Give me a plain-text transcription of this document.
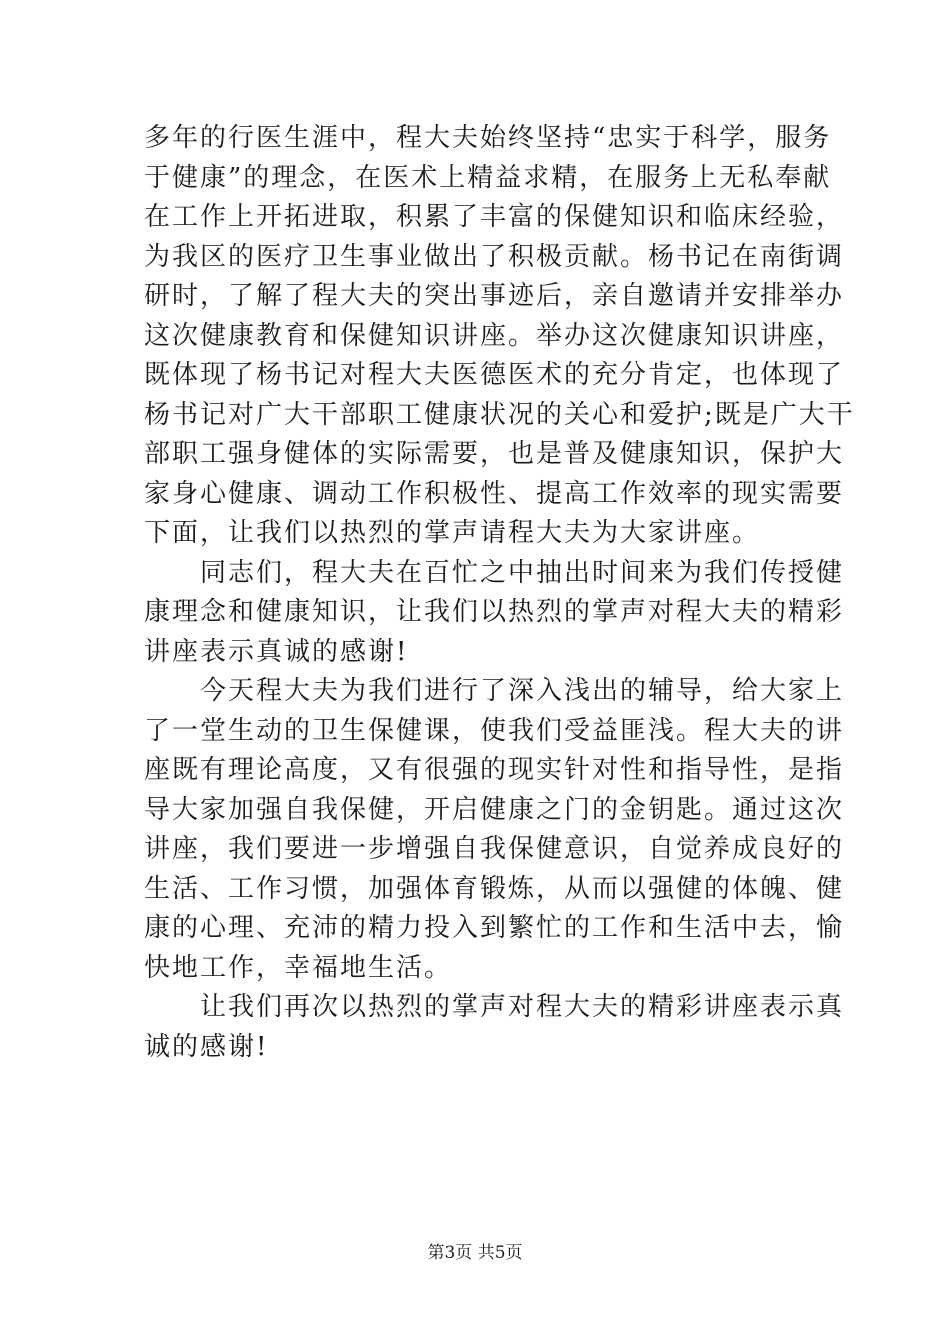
多年的行医生涯中，程大夫始终坚持“忠实于科学，服务
于健康”的理念，在医术上精益求精，在服务上无私奉献
在工作上开拓进取，积累了丰富的保健知识和临床经验，
为我区的医疗卫生事业做出了积极贡献。杨书记在南街调
研时，了解了程大夫的突出事迹后，亲自邀请并安排举办
这次健康教育和保健知识讲座。举办这次健康知识讲座，
既体现了杨书记对程大夫医德医术的充分肯定，也体现了
杨书记对广大干部职工健康状况的关心和爱护;既是广大干
部职工强身健体的实际需要，也是普及健康知识，保护大
家身心健康、调动工作积极性、提高工作效率的现实需要
下面，让我们以热烈的掌声请程大夫为大家讲座。
同志们，程大夫在百忙之中抽出时间来为我们传授健
康理念和健康知识，让我们以热烈的掌声对程大夫的精彩
讲座表示真诚的感谢!
今天程大夫为我们进行了深入浅出的辅导，给大家上
了一堂生动的卫生保健课，使我们受益匪浅。程大夫的讲
座既有理论高度，又有很强的现实针对性和指导性，是指
导大家加强自我保健，开启健康之门的金钥匙。通过这次
讲座，我们要进一步增强自我保健意识，自觉养成良好的
生活、工作习惯，加强体育锻炼，从而以强健的体魄、健
康的心理、充沛的精力投入到繁忙的工作和生活中去，愉
快地工作，幸福地生活。
让我们再次以热烈的掌声对程大夫的精彩讲座表示真
诚的感谢!
第3页 共5页
